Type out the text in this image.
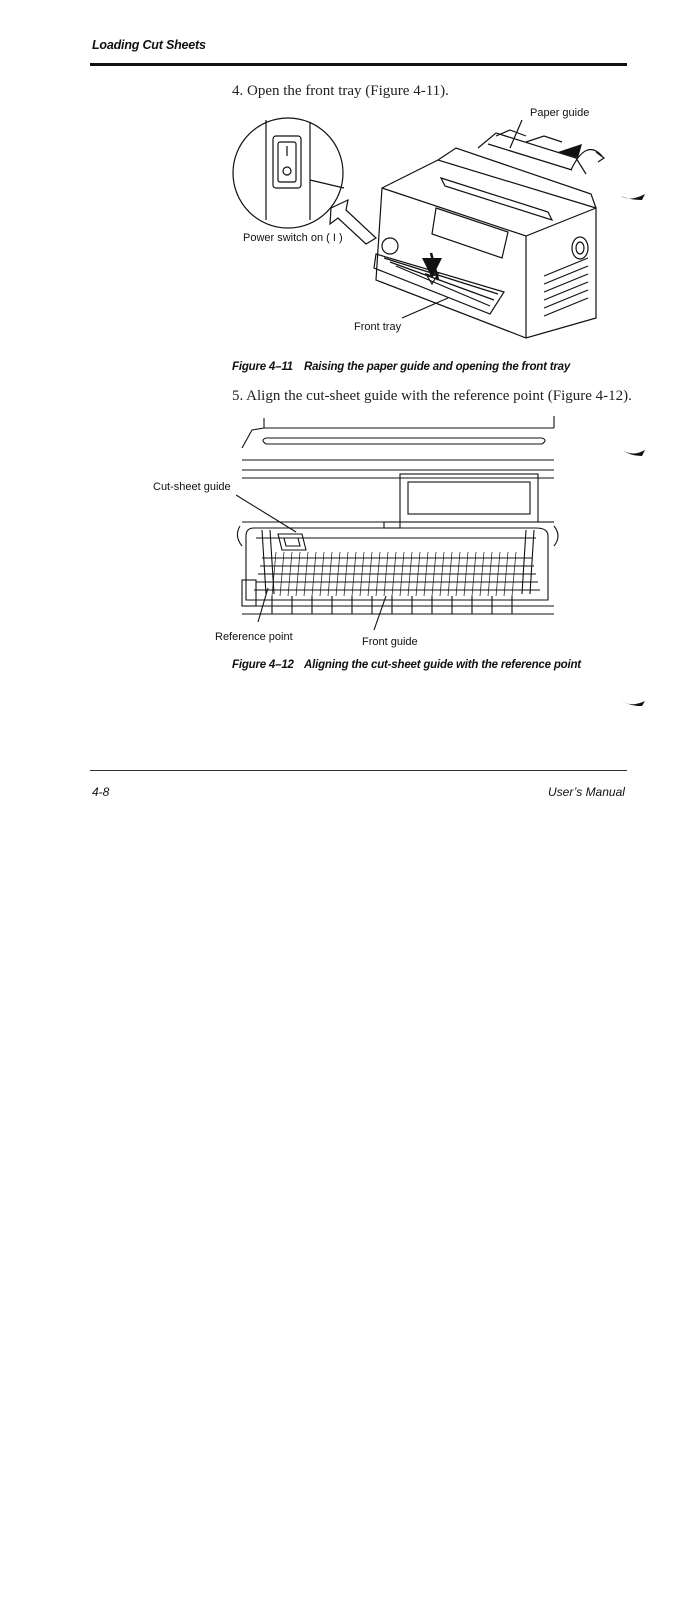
Loading Cut Sheets
4. Open the front tray (Figure 4-11).
Paper guide
Power switch on ( I )
Front tray
Figure 4–11 Raising the paper guide and opening the front tray
5. Align the cut-sheet guide with the reference point (Figure 4-12).
Cut-sheet guide
Reference point	Front guide
Figure 4–12 Aligning the cut-sheet guide with the reference point
4-8	User’s Manual
